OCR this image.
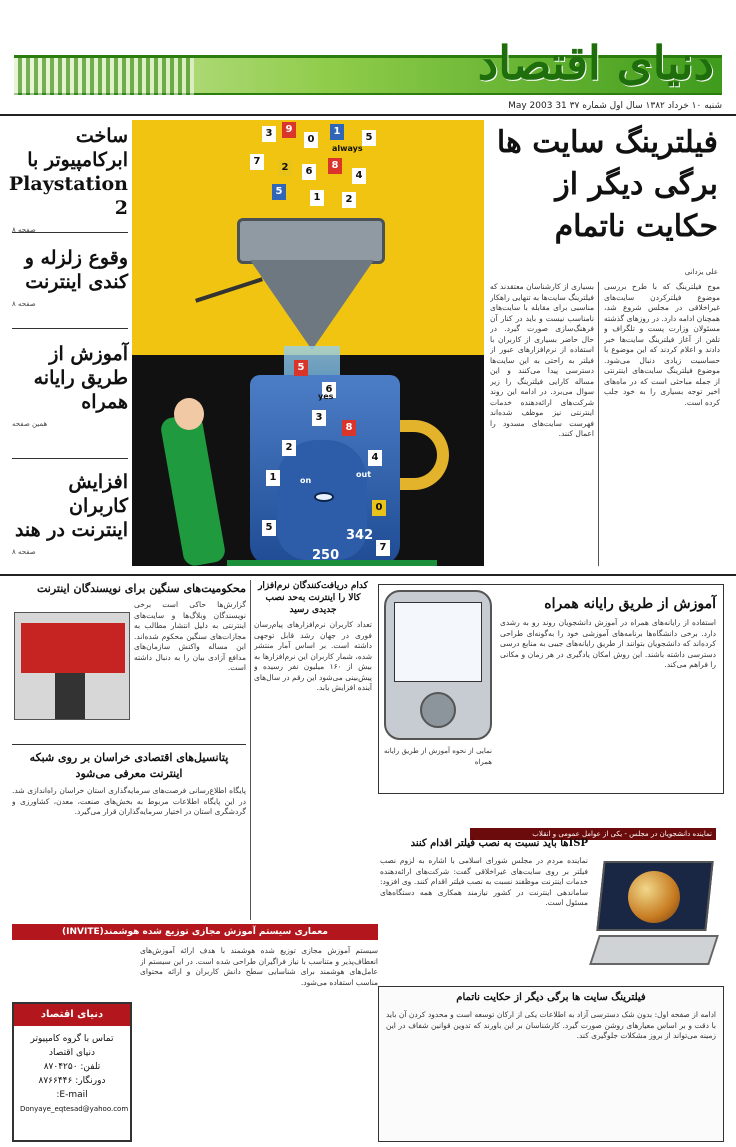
دنیای اقتصاد
شنبه ۱۰ خرداد ۱۳۸۲ سال اول شماره ۳۷ 31 May 2003
ساخت ابرکامپیوتر با Playstation 2
صفحه ۸
وقوع زلزله و کندی اینترنت
صفحه ۸
آموزش از طریق رایانه همراه
همین صفحه
افزایش کاربران اینترنت در هند
صفحه ۸
3	9
0
1
5
7
2	6
8
4
5
1	2
5
6
3
8
2
4
1
0
5
342
250
7
always
yes
out
on
فیلترینگ سایت ها برگی دیگر از حکایت ناتمام
علی یزدانی
موج فیلترینگ که با طرح بررسی موضوع فیلترکردن سایت‌های غیراخلاقی در مجلس شروع شد، همچنان ادامه دارد. در روزهای گذشته مسئولان وزارت پست و تلگراف و تلفن از آغاز فیلترینگ سایت‌ها خبر دادند و اعلام کردند که این موضوع با حساسیت زیادی دنبال می‌شود. موضوع فیلترینگ سایت‌های اینترنتی از جمله مباحثی است که در ماه‌های اخیر توجه بسیاری را به خود جلب کرده است.
بسیاری از کارشناسان معتقدند که فیلترینگ سایت‌ها به تنهایی راهکار مناسبی برای مقابله با سایت‌های نامناسب نیست و باید در کنار آن فرهنگ‌سازی صورت گیرد. در حال حاضر بسیاری از کاربران با استفاده از نرم‌افزارهای عبور از فیلتر به راحتی به این سایت‌ها دسترسی پیدا می‌کنند و این مساله کارایی فیلترینگ را زیر سوال می‌برد. در ادامه این روند شرکت‌های ارائه‌دهنده خدمات اینترنتی نیز موظف شده‌اند فهرست سایت‌های مسدود را اعمال کنند.
آموزش از طریق رایانه همراه
استفاده از رایانه‌های همراه در آموزش دانشجویان روند رو به رشدی دارد. برخی دانشگاه‌ها برنامه‌های آموزشی خود را به‌گونه‌ای طراحی کرده‌اند که دانشجویان بتوانند از طریق رایانه‌های جیبی به منابع درسی دسترسی داشته باشند. این روش امکان یادگیری در هر زمان و مکانی را فراهم می‌کند.
نمایی از نحوه آموزش از طریق رایانه همراه
کدام دریافت‌کنندگان نرم‌افزار کالا را اینترنت به‌حد نصب جدیدی رسید
تعداد کاربران نرم‌افزارهای پیام‌رسان فوری در جهان رشد قابل توجهی داشته است. بر اساس آمار منتشر شده، شمار کاربران این نرم‌افزارها به بیش از ۱۶۰ میلیون نفر رسیده و پیش‌بینی می‌شود این رقم در سال‌های آینده افزایش یابد.
محکومیت‌های سنگین برای نویسندگان اینترنت
گزارش‌ها حاکی است برخی نویسندگان وبلاگ‌ها و سایت‌های اینترنتی به دلیل انتشار مطالب به مجازات‌های سنگین محکوم شده‌اند. این مساله واکنش سازمان‌های مدافع آزادی بیان را به دنبال داشته است.
پتانسیل‌های اقتصادی خراسان بر روی شبکه اینترنت معرفی می‌شود
پایگاه اطلاع‌رسانی فرصت‌های سرمایه‌گذاری استان خراسان راه‌اندازی شد. در این پایگاه اطلاعات مربوط به بخش‌های صنعت، معدن، کشاورزی و گردشگری استان در اختیار سرمایه‌گذاران قرار می‌گیرد.
معماری سیستم آموزش مجازی توزیع شده هوشمند(INVITE)
سیستم آموزش مجازی توزیع شده هوشمند با هدف ارائه آموزش‌های انعطاف‌پذیر و متناسب با نیاز فراگیران طراحی شده است. در این سیستم از عامل‌های هوشمند برای شناسایی سطح دانش کاربران و ارائه محتوای مناسب استفاده می‌شود.
دنیای اقتصاد
تماس با گروه کامپیوتر
دنیای اقتصاد
تلفن: ۸۷۰۴۲۵۰
دورنگار: ۸۷۶۶۴۴۶
E-mail:
Donyaye_eqtesad@yahoo.com
نماینده دانشجویان در مجلس - یکی از عوامل عمومی و انقلاب
ISPها باید نسبت به نصب فیلتر اقدام کنند
نماینده مردم در مجلس شورای اسلامی با اشاره به لزوم نصب فیلتر بر روی سایت‌های غیراخلاقی گفت: شرکت‌های ارائه‌دهنده خدمات اینترنت موظفند نسبت به نصب فیلتر اقدام کنند. وی افزود: ساماندهی اینترنت در کشور نیازمند همکاری همه دستگاه‌های مسئول است.
فیلترینگ سایت ها برگی دیگر از حکایت ناتمام
ادامه از صفحه اول: بدون شک دسترسی آزاد به اطلاعات یکی از ارکان توسعه است و محدود کردن آن باید با دقت و بر اساس معیارهای روشن صورت گیرد. کارشناسان بر این باورند که تدوین قوانین شفاف در این زمینه می‌تواند از بروز مشکلات جلوگیری کند.
